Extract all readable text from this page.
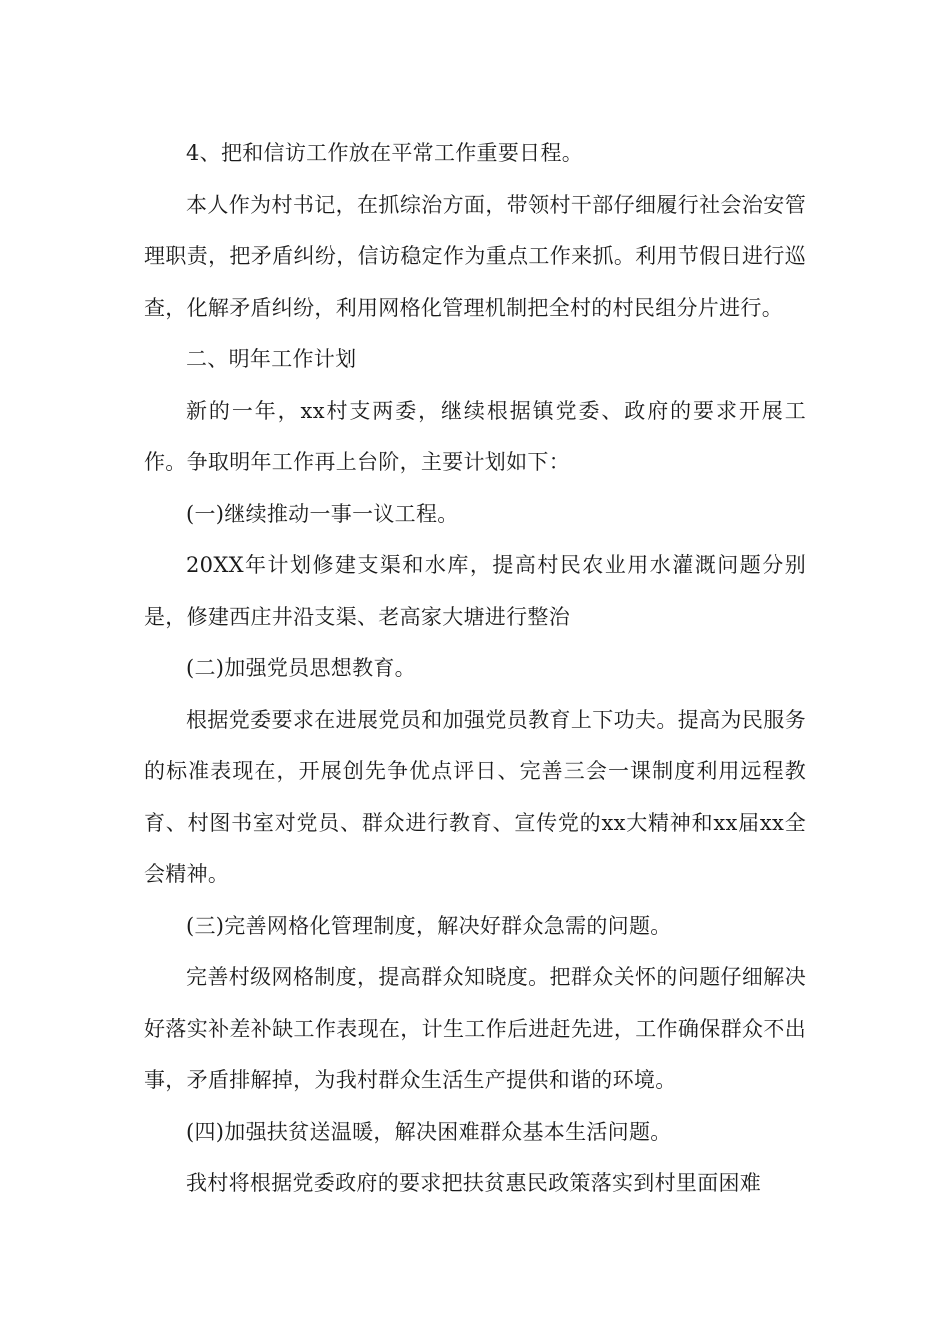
4、把和信访工作放在平常工作重要日程。

本人作为村书记，在抓综治方面，带领村干部仔细履行社会治安管理职责，把矛盾纠纷，信访稳定作为重点工作来抓。利用节假日进行巡查，化解矛盾纠纷，利用网格化管理机制把全村的村民组分片进行。

二、明年工作计划

新的一年，xx村支两委，继续根据镇党委、政府的要求开展工作。争取明年工作再上台阶，主要计划如下：

(一)继续推动一事一议工程。

20XX年计划修建支渠和水库，提高村民农业用水灌溉问题分别是，修建西庄井沿支渠、老高家大塘进行整治

(二)加强党员思想教育。

根据党委要求在进展党员和加强党员教育上下功夫。提高为民服务的标准表现在，开展创先争优点评日、完善三会一课制度利用远程教育、村图书室对党员、群众进行教育、宣传党的xx大精神和xx届xx全会精神。

(三)完善网格化管理制度，解决好群众急需的问题。

完善村级网格制度，提高群众知晓度。把群众关怀的问题仔细解决好落实补差补缺工作表现在，计生工作后进赶先进，工作确保群众不出事，矛盾排解掉，为我村群众生活生产提供和谐的环境。

(四)加强扶贫送温暖，解决困难群众基本生活问题。

我村将根据党委政府的要求把扶贫惠民政策落实到村里面困难
